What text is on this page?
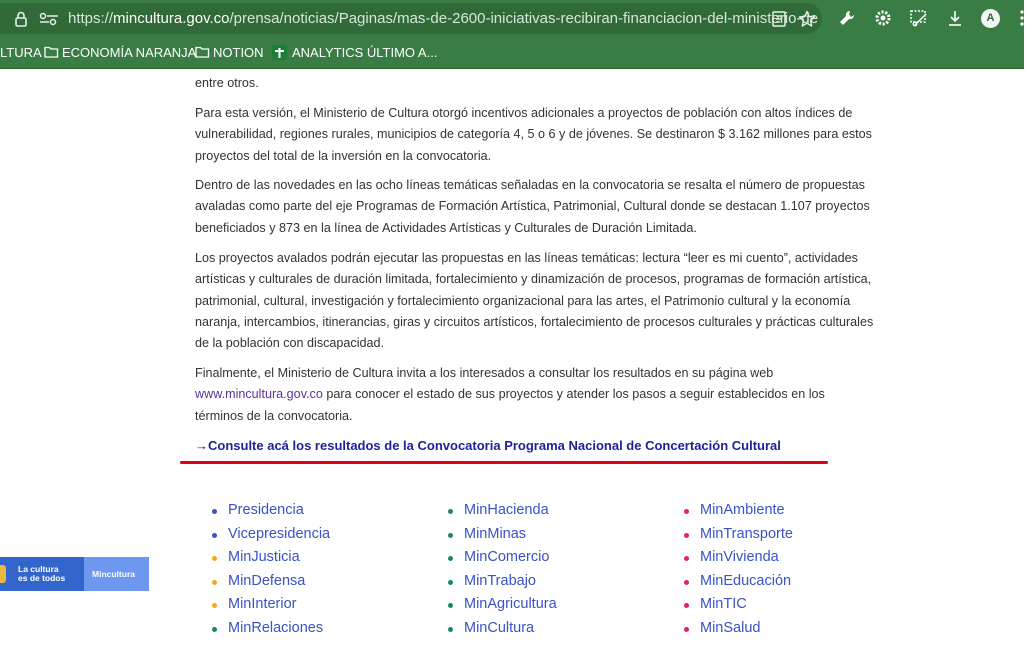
https://mincultura.gov.co/prensa/noticias/Paginas/mas-de-2600-iniciativas-recibiran-financiacion-del-ministerio-de	A
LTURA ECONOMÍA NARANJA NOTION ANALYTICS ÚLTIMO A...

entre otros.

Para esta versión, el Ministerio de Cultura otorgó incentivos adicionales a proyectos de población con altos índices de vulnerabilidad, regiones rurales, municipios de categoría 4, 5 o 6 y de jóvenes. Se destinaron $ 3.162 millones para estos proyectos del total de la inversión en la convocatoria.

Dentro de las novedades en las ocho líneas temáticas señaladas en la convocatoria se resalta el número de propuestas avaladas como parte del eje Programas de Formación Artística, Patrimonial, Cultural donde se destacan 1.107 proyectos beneficiados y 873 en la línea de Actividades Artísticas y Culturales de Duración Limitada.

Los proyectos avalados podrán ejecutar las propuestas en las líneas temáticas: lectura “leer es mi cuento”, actividades artísticas y culturales de duración limitada, fortalecimiento y dinamización de procesos, programas de formación artística, patrimonial, cultural, investigación y fortalecimiento organizacional para las artes, el Patrimonio cultural y la economía naranja, intercambios, itinerancias, giras y circuitos artísticos, fortalecimiento de procesos culturales y prácticas culturales de la población con discapacidad.

Finalmente, el Ministerio de Cultura invita a los interesados a consultar los resultados en su página web
www.mincultura.gov.co para conocer el estado de sus proyectos y atender los pasos a seguir establecidos en los términos de la convocatoria.

→Consulte acá los resultados de la Convocatoria Programa Nacional de Concertación Cultural
Presidencia
Vicepresidencia
MinJusticia
MinDefensa
MinInterior
MinRelaciones
MinHacienda
MinMinas
MinComercio
MinTrabajo
MinAgricultura
MinCultura
MinAmbiente
MinTransporte
MinVivienda
MinEducación
MinTIC
MinSalud
La cultura
es de todos	Mincultura
